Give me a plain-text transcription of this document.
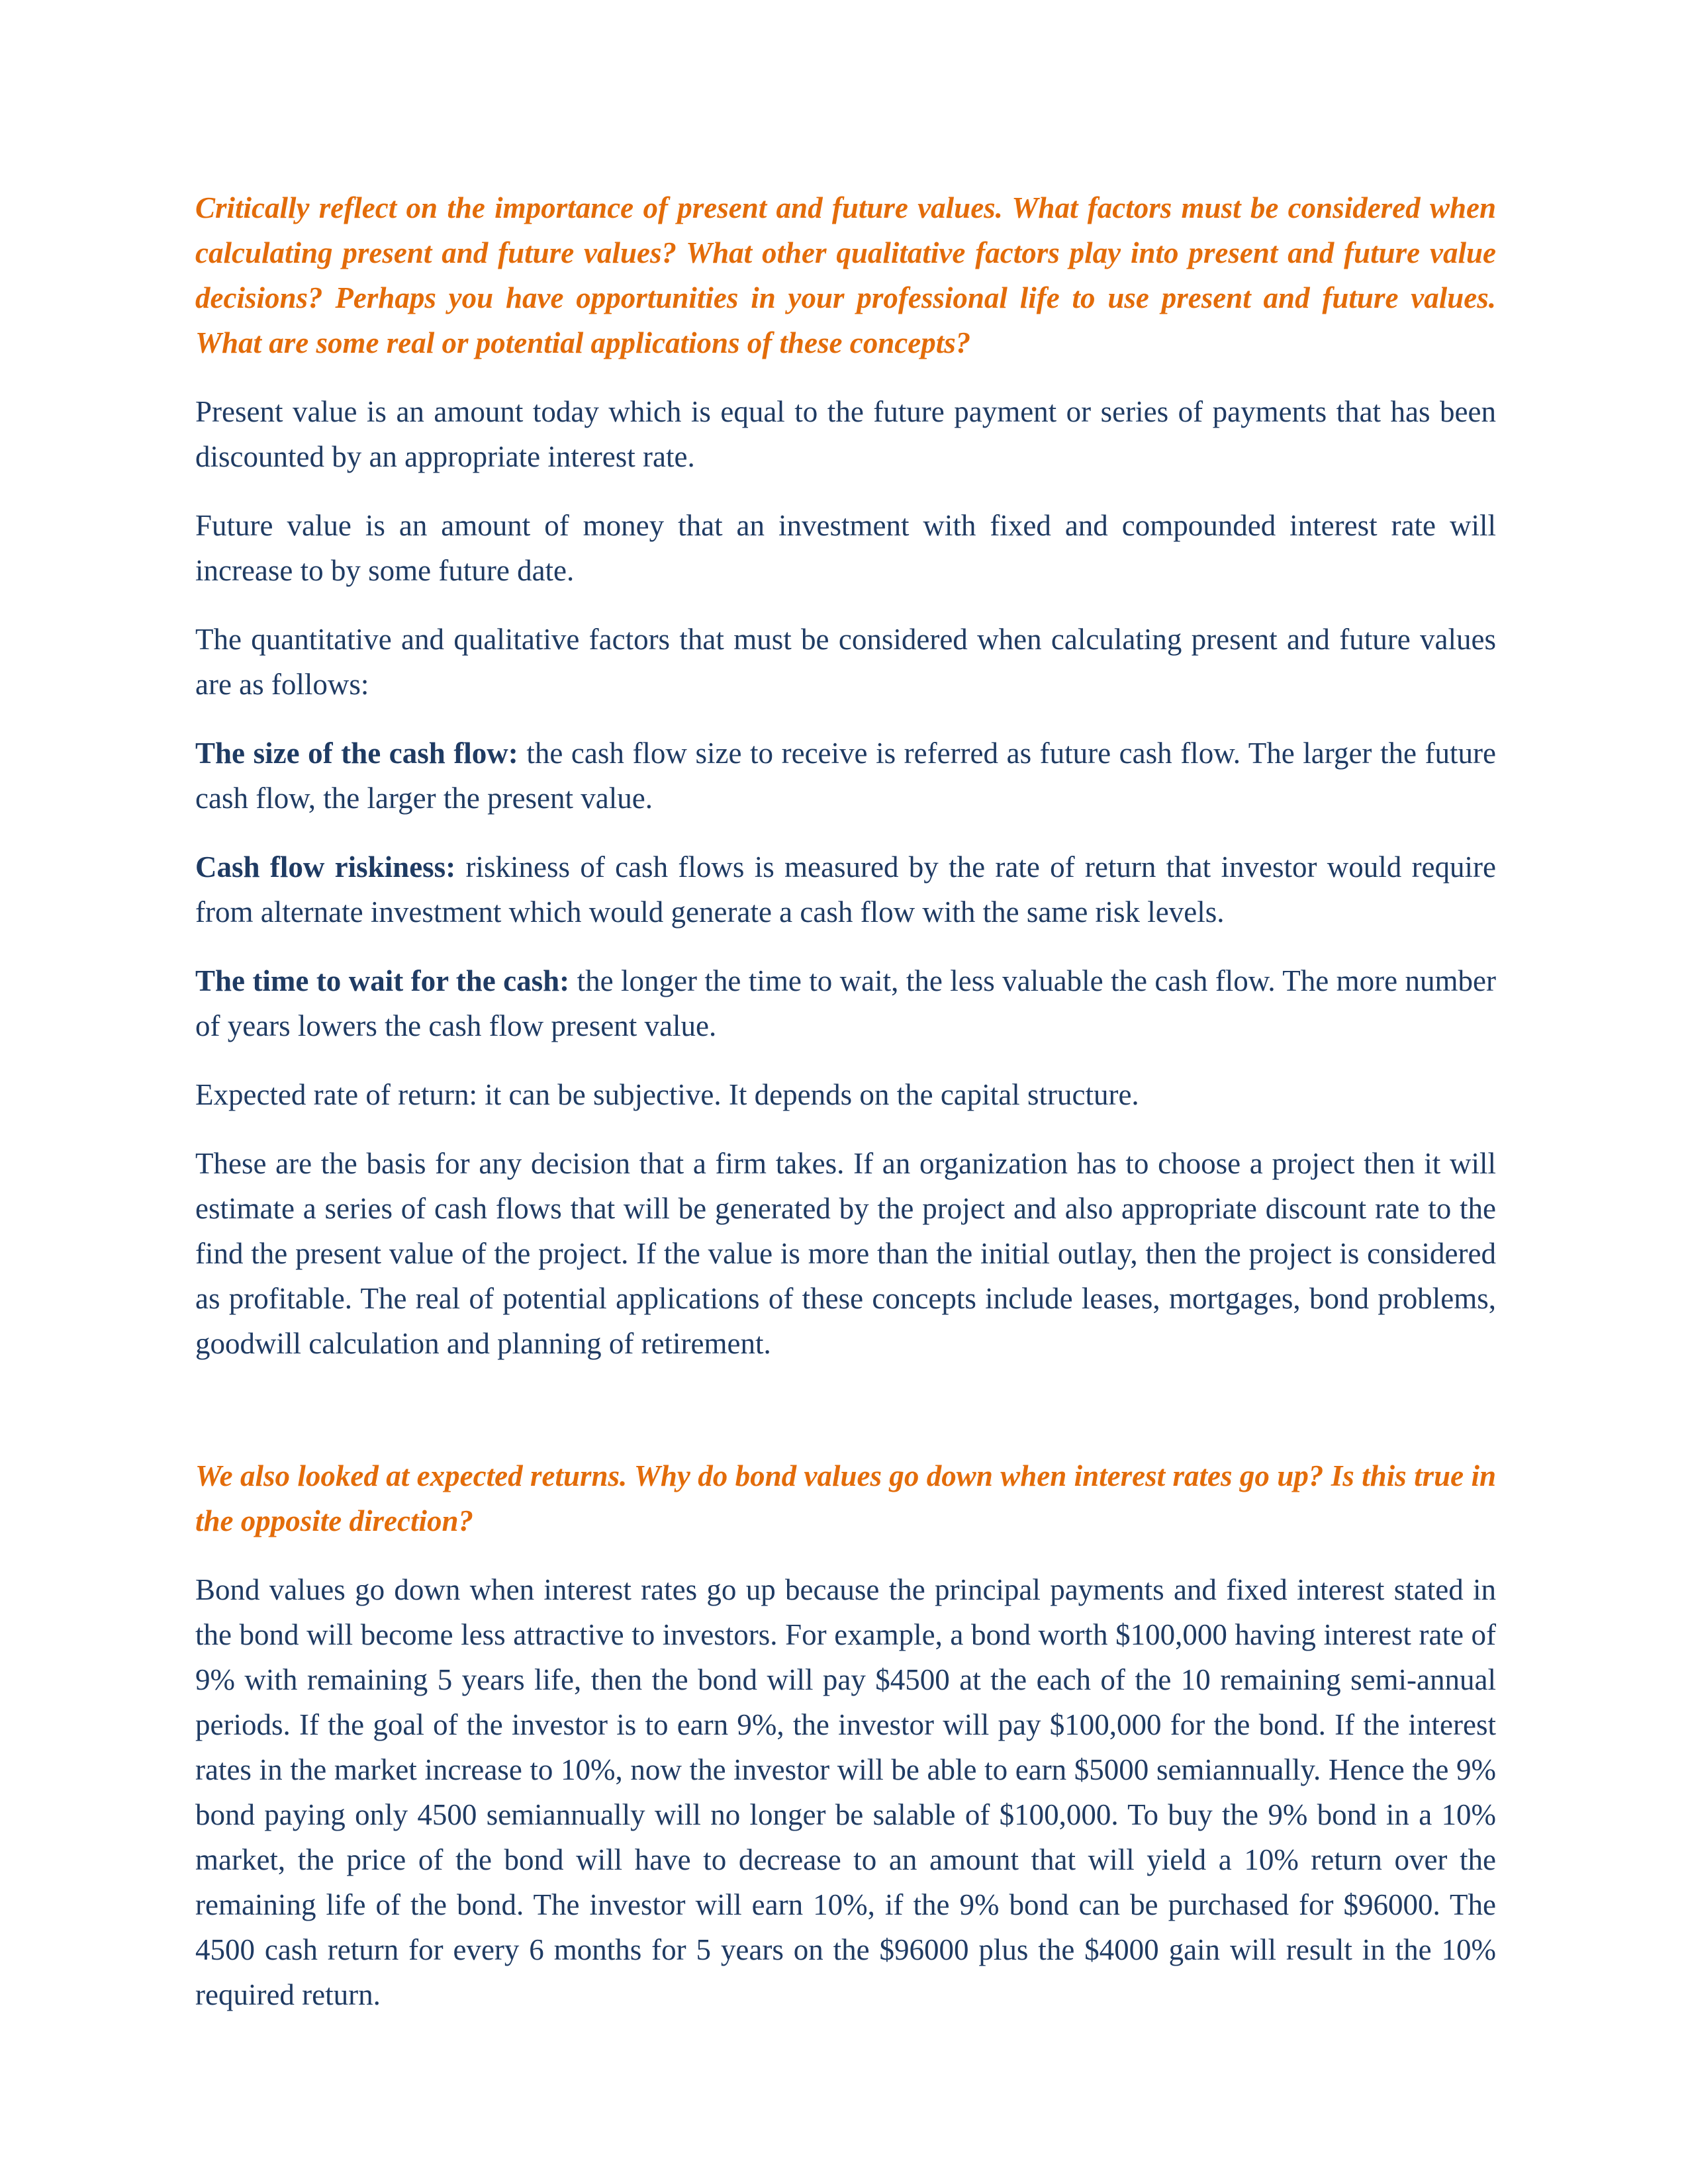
Critically reflect on the importance of present and future values. What factors must be considered when calculating present and future values? What other qualitative factors play into present and future value decisions? Perhaps you have opportunities in your professional life to use present and future values. What are some real or potential applications of these concepts?

Present value is an amount today which is equal to the future payment or series of payments that has been discounted by an appropriate interest rate.

Future value is an amount of money that an investment with fixed and compounded interest rate will increase to by some future date.

The quantitative and qualitative factors that must be considered when calculating present and future values are as follows:

The size of the cash flow: the cash flow size to receive is referred as future cash flow. The larger the future cash flow, the larger the present value.

Cash flow riskiness: riskiness of cash flows is measured by the rate of return that investor would require from alternate investment which would generate a cash flow with the same risk levels.

The time to wait for the cash: the longer the time to wait, the less valuable the cash flow. The more number of years lowers the cash flow present value.

Expected rate of return: it can be subjective. It depends on the capital structure.

These are the basis for any decision that a firm takes. If an organization has to choose a project then it will estimate a series of cash flows that will be generated by the project and also appropriate discount rate to the find the present value of the project. If the value is more than the initial outlay, then the project is considered as profitable. The real of potential applications of these concepts include leases, mortgages, bond problems, goodwill calculation and planning of retirement.

We also looked at expected returns. Why do bond values go down when interest rates go up? Is this true in the opposite direction?

Bond values go down when interest rates go up because the principal payments and fixed interest stated in the bond will become less attractive to investors. For example, a bond worth $100,000 having interest rate of 9% with remaining 5 years life, then the bond will pay $4500 at the each of the 10 remaining semi-annual periods. If the goal of the investor is to earn 9%, the investor will pay $100,000 for the bond. If the interest rates in the market increase to 10%, now the investor will be able to earn $5000 semiannually. Hence the 9% bond paying only 4500 semiannually will no longer be salable of $100,000. To buy the 9% bond in a 10% market, the price of the bond will have to decrease to an amount that will yield a 10% return over the remaining life of the bond. The investor will earn 10%, if the 9% bond can be purchased for $96000. The 4500 cash return for every 6 months for 5 years on the $96000 plus the $4000 gain will result in the 10% required return.
